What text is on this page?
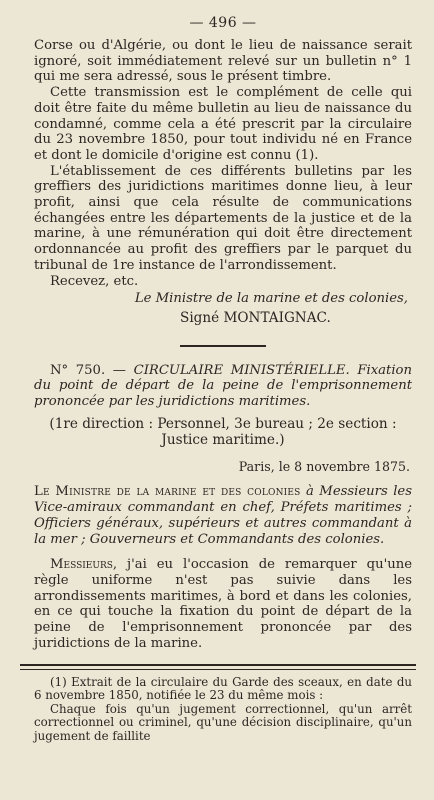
— 496 —

Corse ou d'Algérie, ou dont le lieu de naissance serait ignoré, soit immédiatement relevé sur un bulletin n° 1 qui me sera adressé, sous le présent timbre.

Cette transmission est le complément de celle qui doit être faite du même bulletin au lieu de naissance du condamné, comme cela a été prescrit par la circulaire du 23 novembre 1850, pour tout individu né en France et dont le domicile d'origine est connu (1).

L'établissement de ces différents bulletins par les greffiers des juridictions maritimes donne lieu, à leur profit, ainsi que cela résulte de communications échangées entre les départements de la justice et de la marine, à une rémunération qui doit être directement ordonnancée au profit des greffiers par le parquet du tribunal de 1re instance de l'arrondissement.

Recevez, etc.

Le Ministre de la marine et des colonies,

Signé MONTAIGNAC.

N° 750. — CIRCULAIRE MINISTÉRIELLE. Fixation du point de départ de la peine de l'emprisonnement prononcée par les juridictions maritimes.

(1re direction : Personnel, 3e bureau ; 2e section : Justice maritime.)

Paris, le 8 novembre 1875.

Le Ministre de la marine et des colonies à Messieurs les Vice-amiraux commandant en chef, Préfets maritimes ; Officiers généraux, supérieurs et autres commandant à la mer ; Gouverneurs et Commandants des colonies.

Messieurs, j'ai eu l'occasion de remarquer qu'une règle uniforme n'est pas suivie dans les arrondissements maritimes, à bord et dans les colonies, en ce qui touche la fixation du point de départ de la peine de l'emprisonnement prononcée par des juridictions de la marine.

(1) Extrait de la circulaire du Garde des sceaux, en date du 6 novembre 1850, notifiée le 23 du même mois :

Chaque fois qu'un jugement correctionnel, qu'un arrêt correctionnel ou criminel, qu'une décision disciplinaire, qu'un jugement de faillite
